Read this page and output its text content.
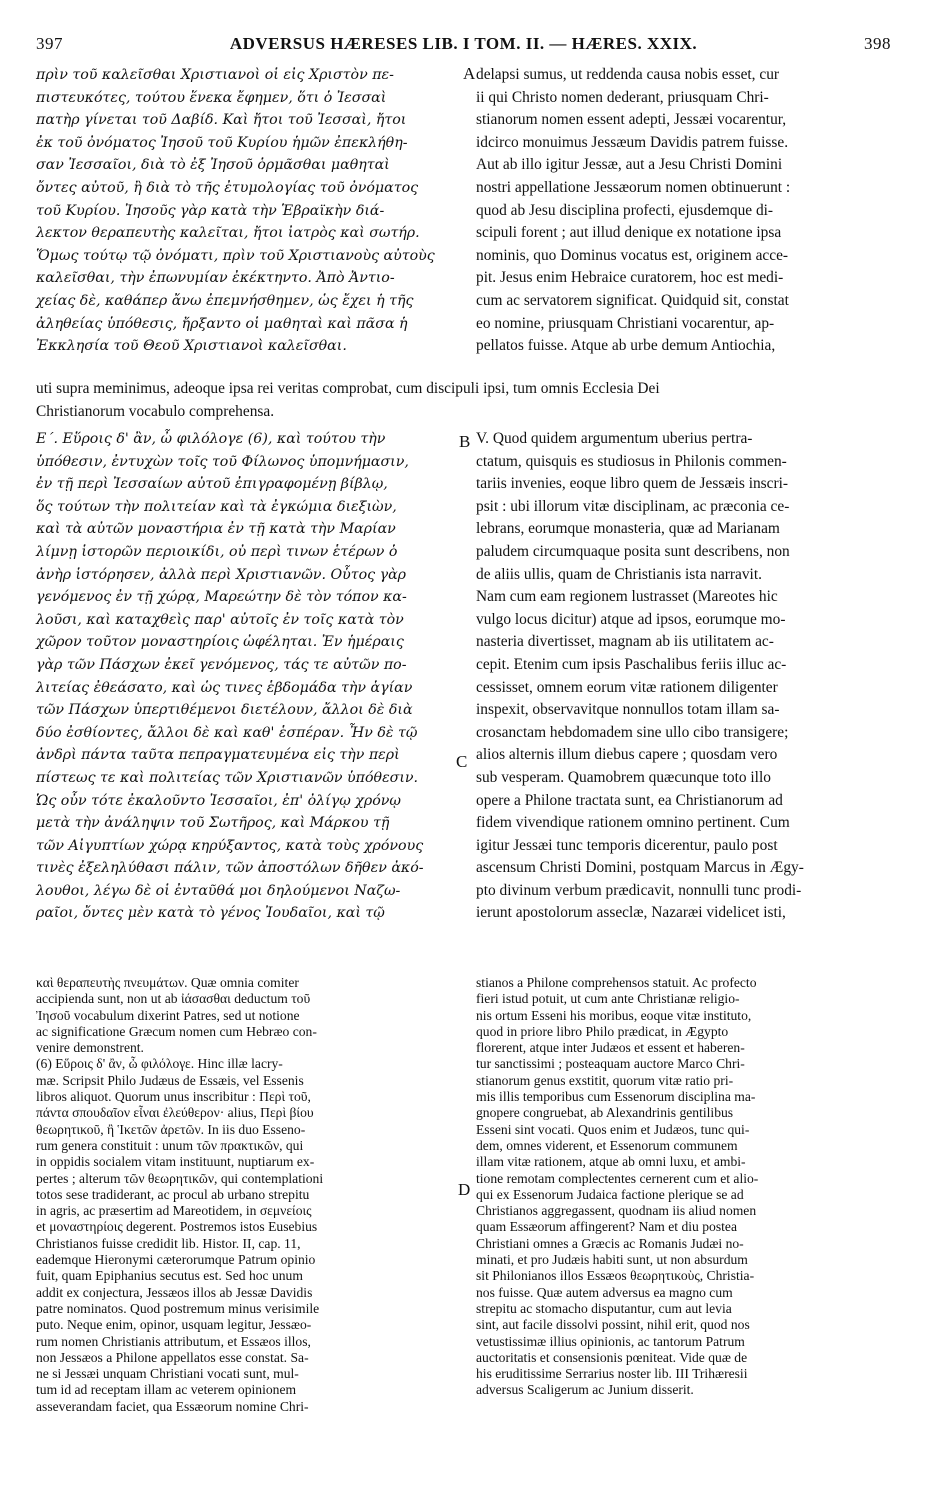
397	ADVERSUS HÆRESES LIB. I TOM. II. — HÆRES. XXIX.	398
A
B
C
D

πρὶν τοῦ καλεῖσθαι Χριστιανοὶ οἱ εἰς Χριστὸν πε-
πιστευκότες, τούτου ἕνεκα ἔφημεν, ὅτι ὁ Ἰεσσαὶ
πατὴρ γίνεται τοῦ Δαβίδ. Καὶ ἤτοι τοῦ Ἰεσσαὶ, ἤτοι
ἐκ τοῦ ὀνόματος Ἰησοῦ τοῦ Κυρίου ἡμῶν ἐπεκλήθη-
σαν Ἰεσσαῖοι, διὰ τὸ ἐξ Ἰησοῦ ὁρμᾶσθαι μαθηταὶ
ὄντες αὐτοῦ, ἢ διὰ τὸ τῆς ἐτυμολογίας τοῦ ὀνόματος
τοῦ Κυρίου. Ἰησοῦς γὰρ κατὰ τὴν Ἑβραϊκὴν διά-
λεκτον θεραπευτὴς καλεῖται, ἤτοι ἰατρὸς καὶ σωτήρ.
Ὅμως τούτῳ τῷ ὀνόματι, πρὶν τοῦ Χριστιανοὺς αὐτοὺς
καλεῖσθαι, τὴν ἐπωνυμίαν ἐκέκτηντο. Ἀπὸ Ἀντιο-
χείας δὲ, καθάπερ ἄνω ἐπεμνήσθημεν, ὡς ἔχει ἡ τῆς
ἀληθείας ὑπόθεσις, ἤρξαντο οἱ μαθηταὶ καὶ πᾶσα ἡ
Ἐκκλησία τοῦ Θεοῦ Χριστιανοὶ καλεῖσθαι.

delapsi sumus, ut reddenda causa nobis esset, cur
ii qui Christo nomen dederant, priusquam Chri-
stianorum nomen essent adepti, Jessæi vocarentur,
idcirco monuimus Jessæum Davidis patrem fuisse.
Aut ab illo igitur Jessæ, aut a Jesu Christi Domini
nostri appellatione Jessæorum nomen obtinuerunt :
quod ab Jesu disciplina profecti, ejusdemque di-
scipuli forent ; aut illud denique ex notatione ipsa
nominis, quo Dominus vocatus est, originem acce-
pit. Jesus enim Hebraice curatorem, hoc est medi-
cum ac servatorem significat. Quidquid sit, constat
eo nomine, priusquam Christiani vocarentur, ap-
pellatos fuisse. Atque ab urbe demum Antiochia,

uti supra meminimus, adeoque ipsa rei veritas comprobat, cum discipuli ipsi, tum omnis Ecclesia Dei
Christianorum vocabulo comprehensa.

Ε΄. Εὕροις δ' ἂν, ὦ φιλόλογε (6), καὶ τούτου τὴν
ὑπόθεσιν, ἐντυχὼν τοῖς τοῦ Φίλωνος ὑπομνήμασιν,
ἐν τῇ περὶ Ἰεσσαίων αὐτοῦ ἐπιγραφομένῃ βίβλῳ,
ὅς τούτων τὴν πολιτείαν καὶ τὰ ἐγκώμια διεξιὼν,
καὶ τὰ αὐτῶν μοναστήρια ἐν τῇ κατὰ τὴν Μαρίαν
λίμνῃ ἱστορῶν περιοικίδι, οὐ περὶ τινων ἑτέρων ὁ
ἀνὴρ ἱστόρησεν, ἀλλὰ περὶ Χριστιανῶν. Οὗτος γὰρ
γενόμενος ἐν τῇ χώρᾳ, Μαρεώτην δὲ τὸν τόπον κα-
λοῦσι, καὶ καταχθεὶς παρ' αὐτοῖς ἐν τοῖς κατὰ τὸν
χῶρον τοῦτον μοναστηρίοις ὠφέληται. Ἐν ἡμέραις
γὰρ τῶν Πάσχων ἐκεῖ γενόμενος, τάς τε αὐτῶν πο-
λιτείας ἐθεάσατο, καὶ ὡς τινες ἑβδομάδα τὴν ἁγίαν
τῶν Πάσχων ὑπερτιθέμενοι διετέλουν, ἄλλοι δὲ διὰ
δύο ἐσθίοντες, ἄλλοι δὲ καὶ καθ' ἑσπέραν. Ἦν δὲ τῷ
ἀνδρὶ πάντα ταῦτα πεπραγματευμένα εἰς τὴν περὶ
πίστεως τε καὶ πολιτείας τῶν Χριστιανῶν ὑπόθεσιν.
Ὡς οὖν τότε ἐκαλοῦντο Ἰεσσαῖοι, ἐπ' ὀλίγῳ χρόνῳ
μετὰ τὴν ἀνάληψιν τοῦ Σωτῆρος, καὶ Μάρκου τῇ
τῶν Αἰγυπτίων χώρᾳ κηρύξαντος, κατὰ τοὺς χρόνους
τινὲς ἐξεληλύθασι πάλιν, τῶν ἀποστόλων δῆθεν ἀκό-
λουθοι, λέγω δὲ οἱ ἐνταῦθά μοι δηλούμενοι Ναζω-
ραῖοι, ὄντες μὲν κατὰ τὸ γένος Ἰουδαῖοι, καὶ τῷ

V. Quod quidem argumentum uberius pertra-
ctatum, quisquis es studiosus in Philonis commen-
tariis invenies, eoque libro quem de Jessæis inscri-
psit : ubi illorum vitæ disciplinam, ac præconia ce-
lebrans, eorumque monasteria, quæ ad Marianam
paludem circumquaque posita sunt describens, non
de aliis ullis, quam de Christianis ista narravit.
Nam cum eam regionem lustrasset (Mareotes hic
vulgo locus dicitur) atque ad ipsos, eorumque mo-
nasteria divertisset, magnam ab iis utilitatem ac-
cepit. Etenim cum ipsis Paschalibus feriis illuc ac-
cessisset, omnem eorum vitæ rationem diligenter
inspexit, observavitque nonnullos totam illam sa-
crosanctam hebdomadem sine ullo cibo transigere;
alios alternis illum diebus capere ; quosdam vero
sub vesperam. Quamobrem quæcunque toto illo
opere a Philone tractata sunt, ea Christianorum ad
fidem vivendique rationem omnino pertinent. Cum
igitur Jessæi tunc temporis dicerentur, paulo post
ascensum Christi Domini, postquam Marcus in Ægy-
pto divinum verbum prædicavit, nonnulli tunc prodi-
ierunt apostolorum asseclæ, Nazaræi videlicet isti,

καὶ θεραπευτὴς πνευμάτων. Quæ omnia comiter
accipienda sunt, non ut ab ἰάσασθαι deductum τοῦ
Ἰησοῦ vocabulum dixerint Patres, sed ut notione
ac significatione Græcum nomen cum Hebræo con-
venire demonstrent.
(6) Εὕροις δ' ἂν, ὦ φιλόλογε. Hinc illæ lacry-
mæ. Scripsit Philo Judæus de Essæis, vel Essenis
libros aliquot. Quorum unus inscribitur : Περὶ τοῦ,
πάντα σπουδαῖον εἶναι ἐλεύθερον· alius, Περὶ βίου
θεωρητικοῦ, ἢ Ἱκετῶν ἀρετῶν. In iis duo Esseno-
rum genera constituit : unum τῶν πρακτικῶν, qui
in oppidis socialem vitam instituunt, nuptiarum ex-
pertes ; alterum τῶν θεωρητικῶν, qui contemplationi
totos sese tradiderant, ac procul ab urbano strepitu
in agris, ac præsertim ad Mareotidem, in σεμνείοις
et μοναστηρίοις degerent. Postremos istos Eusebius
Christianos fuisse credidit lib. Histor. II, cap. 11,
eademque Hieronymi cæterorumque Patrum opinio
fuit, quam Epiphanius secutus est. Sed hoc unum
addit ex conjectura, Jessæos illos ab Jessæ Davidis
patre nominatos. Quod postremum minus verisimile
puto. Neque enim, opinor, usquam legitur, Jessæo-
rum nomen Christianis attributum, et Essæos illos,
non Jessæos a Philone appellatos esse constat. Sa-
ne si Jessæi unquam Christiani vocati sunt, mul-
tum id ad receptam illam ac veterem opinionem
asseverandam faciet, qua Essæorum nomine Chri-

stianos a Philone comprehensos statuit. Ac profecto
fieri istud potuit, ut cum ante Christianæ religio-
nis ortum Esseni his moribus, eoque vitæ instituto,
quod in priore libro Philo prædicat, in Ægypto
florerent, atque inter Judæos et essent et haberen-
tur sanctissimi ; posteaquam auctore Marco Chri-
stianorum genus exstitit, quorum vitæ ratio pri-
mis illis temporibus cum Essenorum disciplina ma-
gnopere congruebat, ab Alexandrinis gentilibus
Esseni sint vocati. Quos enim et Judæos, tunc qui-
dem, omnes viderent, et Essenorum communem
illam vitæ rationem, atque ab omni luxu, et ambi-
tione remotam complectentes cernerent cum et alio-
qui ex Essenorum Judaica factione plerique se ad
Christianos aggregassent, quodnam iis aliud nomen
quam Essæorum affingerent? Nam et diu postea
Christiani omnes a Græcis ac Romanis Judæi no-
minati, et pro Judæis habiti sunt, ut non absurdum
sit Philonianos illos Essæos θεωρητικοὺς, Christia-
nos fuisse. Quæ autem adversus ea magno cum
strepitu ac stomacho disputantur, cum aut levia
sint, aut facile dissolvi possint, nihil erit, quod nos
vetustissimæ illius opinionis, ac tantorum Patrum
auctoritatis et consensionis pœniteat. Vide quæ de
his eruditissime Serrarius noster lib. III Trihæresii
adversus Scaligerum ac Junium disserit.
